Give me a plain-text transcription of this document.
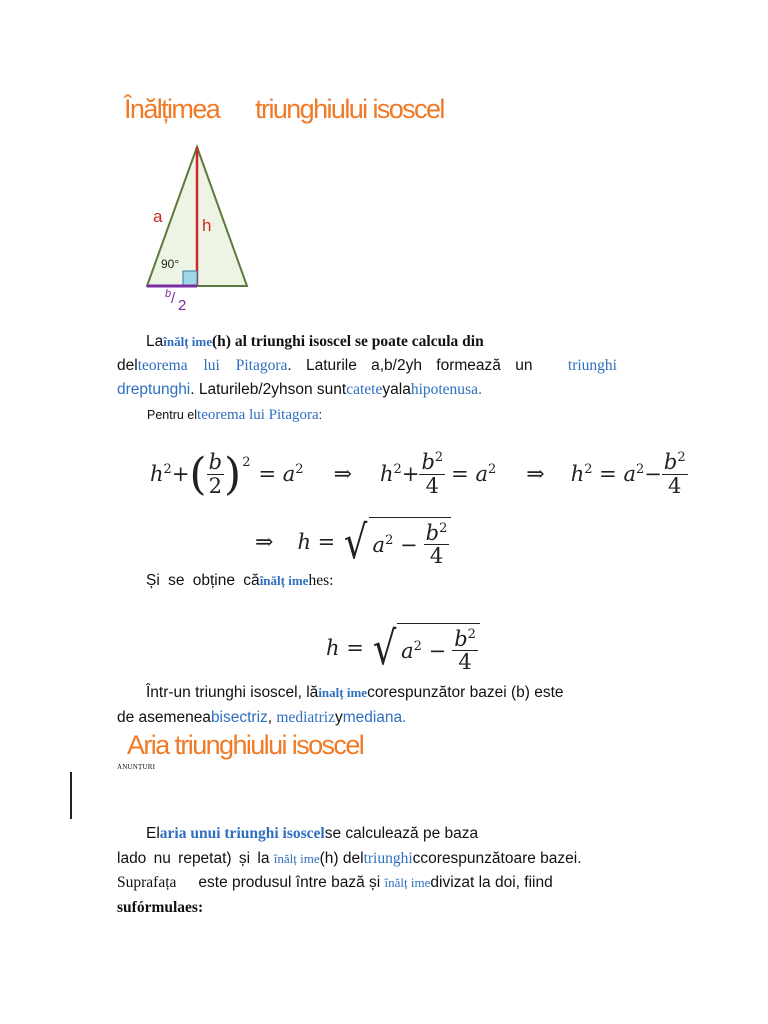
Înălțimea triunghiului isoscel
a h
90°
b / 2
Laînălț ime(h) al triunghi isoscel se poate calcula din
delteorema lui Pitagora. Laturile a,b/2yh formează un triunghi
dreptunghi. Laturileb/2yhson suntcateteyalahipotenusa.
Pentru elteorema lui Pitagora:
$h^2+$ ( $\frac{b}{2}$ ) $2 = a^2$ ⇒ $h^2+ \frac{b^2}{4} = a^2$ ⇒ $h^2 = a^2- \frac{b^2}{4}$
⇒ h = √ $a^2 - \frac{b^2}{4}$
Și se obține căînălț imehes:
h = √ $a^2 - \frac{b^2}{4}$
Într-un triunghi isoscel, lăinalț imecorespunzător bazei (b) este
de asemeneabisectriz, mediatrizymediana.
Aria triunghiului isoscel
ANUNȚURI
Elaria unui triunghi isoscelse calculează pe baza
lado nu repetat) și la înălț ime(h) deltriunghiccorespunzătoare bazei.
Suprafața este produsul între bază și înălț imedivizat la doi, fiind
sufórmulaes:
